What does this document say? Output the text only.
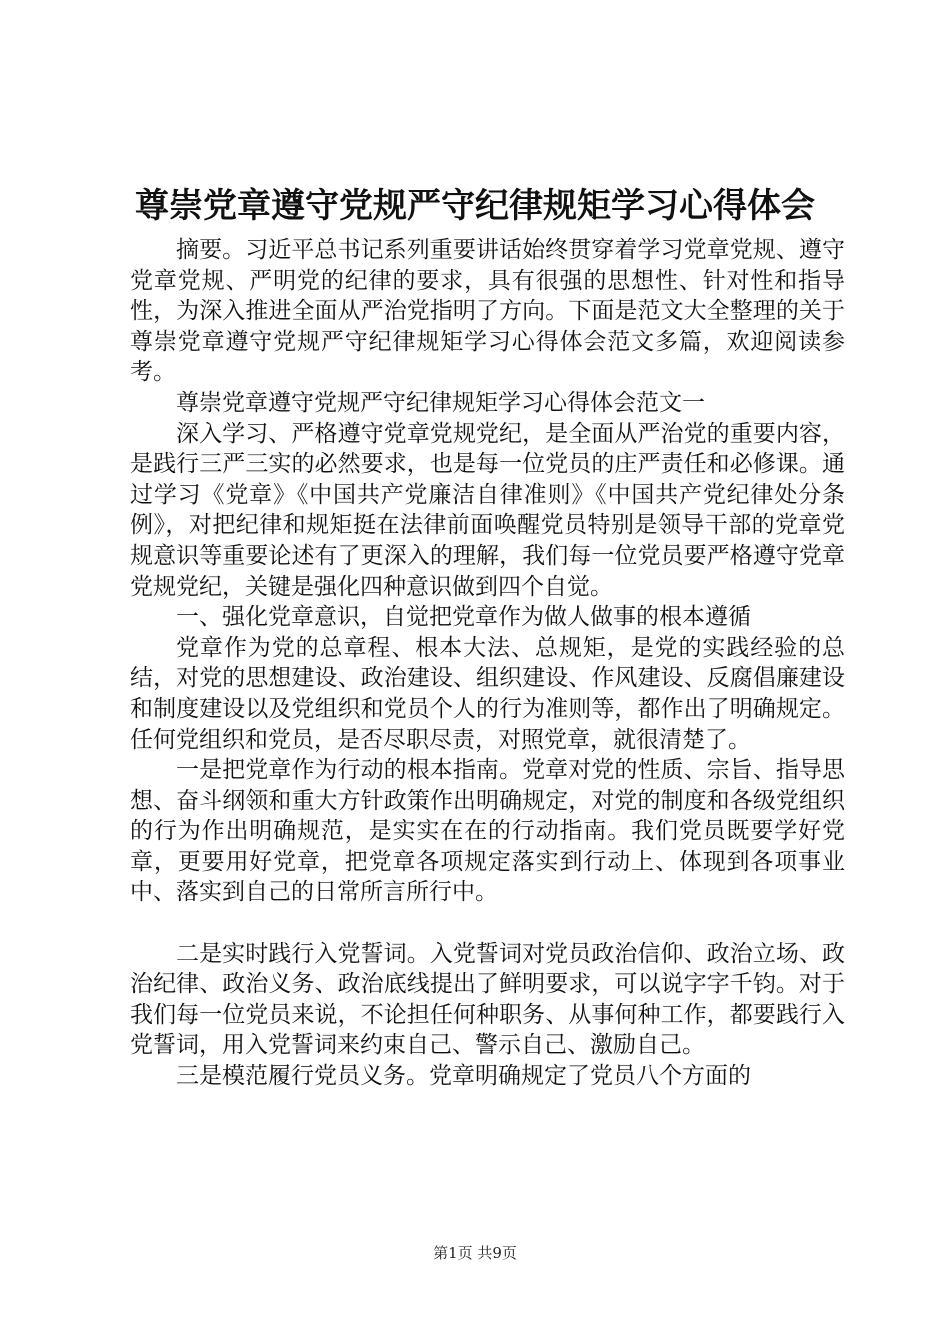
尊崇党章遵守党规严守纪律规矩学习心得体会

摘要。习近平总书记系列重要讲话始终贯穿着学习党章党规、遵守党章党规、严明党的纪律的要求，具有很强的思想性、针对性和指导性，为深入推进全面从严治党指明了方向。下面是范文大全整理的关于尊崇党章遵守党规严守纪律规矩学习心得体会范文多篇，欢迎阅读参考。

尊崇党章遵守党规严守纪律规矩学习心得体会范文一

深入学习、严格遵守党章党规党纪，是全面从严治党的重要内容，是践行三严三实的必然要求，也是每一位党员的庄严责任和必修课。通过学习《党章》《中国共产党廉洁自律准则》《中国共产党纪律处分条例》，对把纪律和规矩挺在法律前面唤醒党员特别是领导干部的党章党规意识等重要论述有了更深入的理解，我们每一位党员要严格遵守党章党规党纪，关键是强化四种意识做到四个自觉。

一、强化党章意识，自觉把党章作为做人做事的根本遵循

党章作为党的总章程、根本大法、总规矩，是党的实践经验的总结，对党的思想建设、政治建设、组织建设、作风建设、反腐倡廉建设和制度建设以及党组织和党员个人的行为准则等，都作出了明确规定。任何党组织和党员，是否尽职尽责，对照党章，就很清楚了。

一是把党章作为行动的根本指南。党章对党的性质、宗旨、指导思想、奋斗纲领和重大方针政策作出明确规定，对党的制度和各级党组织的行为作出明确规范，是实实在在的行动指南。我们党员既要学好党章，更要用好党章，把党章各项规定落实到行动上、体现到各项事业中、落实到自己的日常所言所行中。

二是实时践行入党誓词。入党誓词对党员政治信仰、政治立场、政治纪律、政治义务、政治底线提出了鲜明要求，可以说字字千钧。对于我们每一位党员来说，不论担任何种职务、从事何种工作，都要践行入党誓词，用入党誓词来约束自己、警示自己、激励自己。

三是模范履行党员义务。党章明确规定了党员八个方面的

第1页 共9页
